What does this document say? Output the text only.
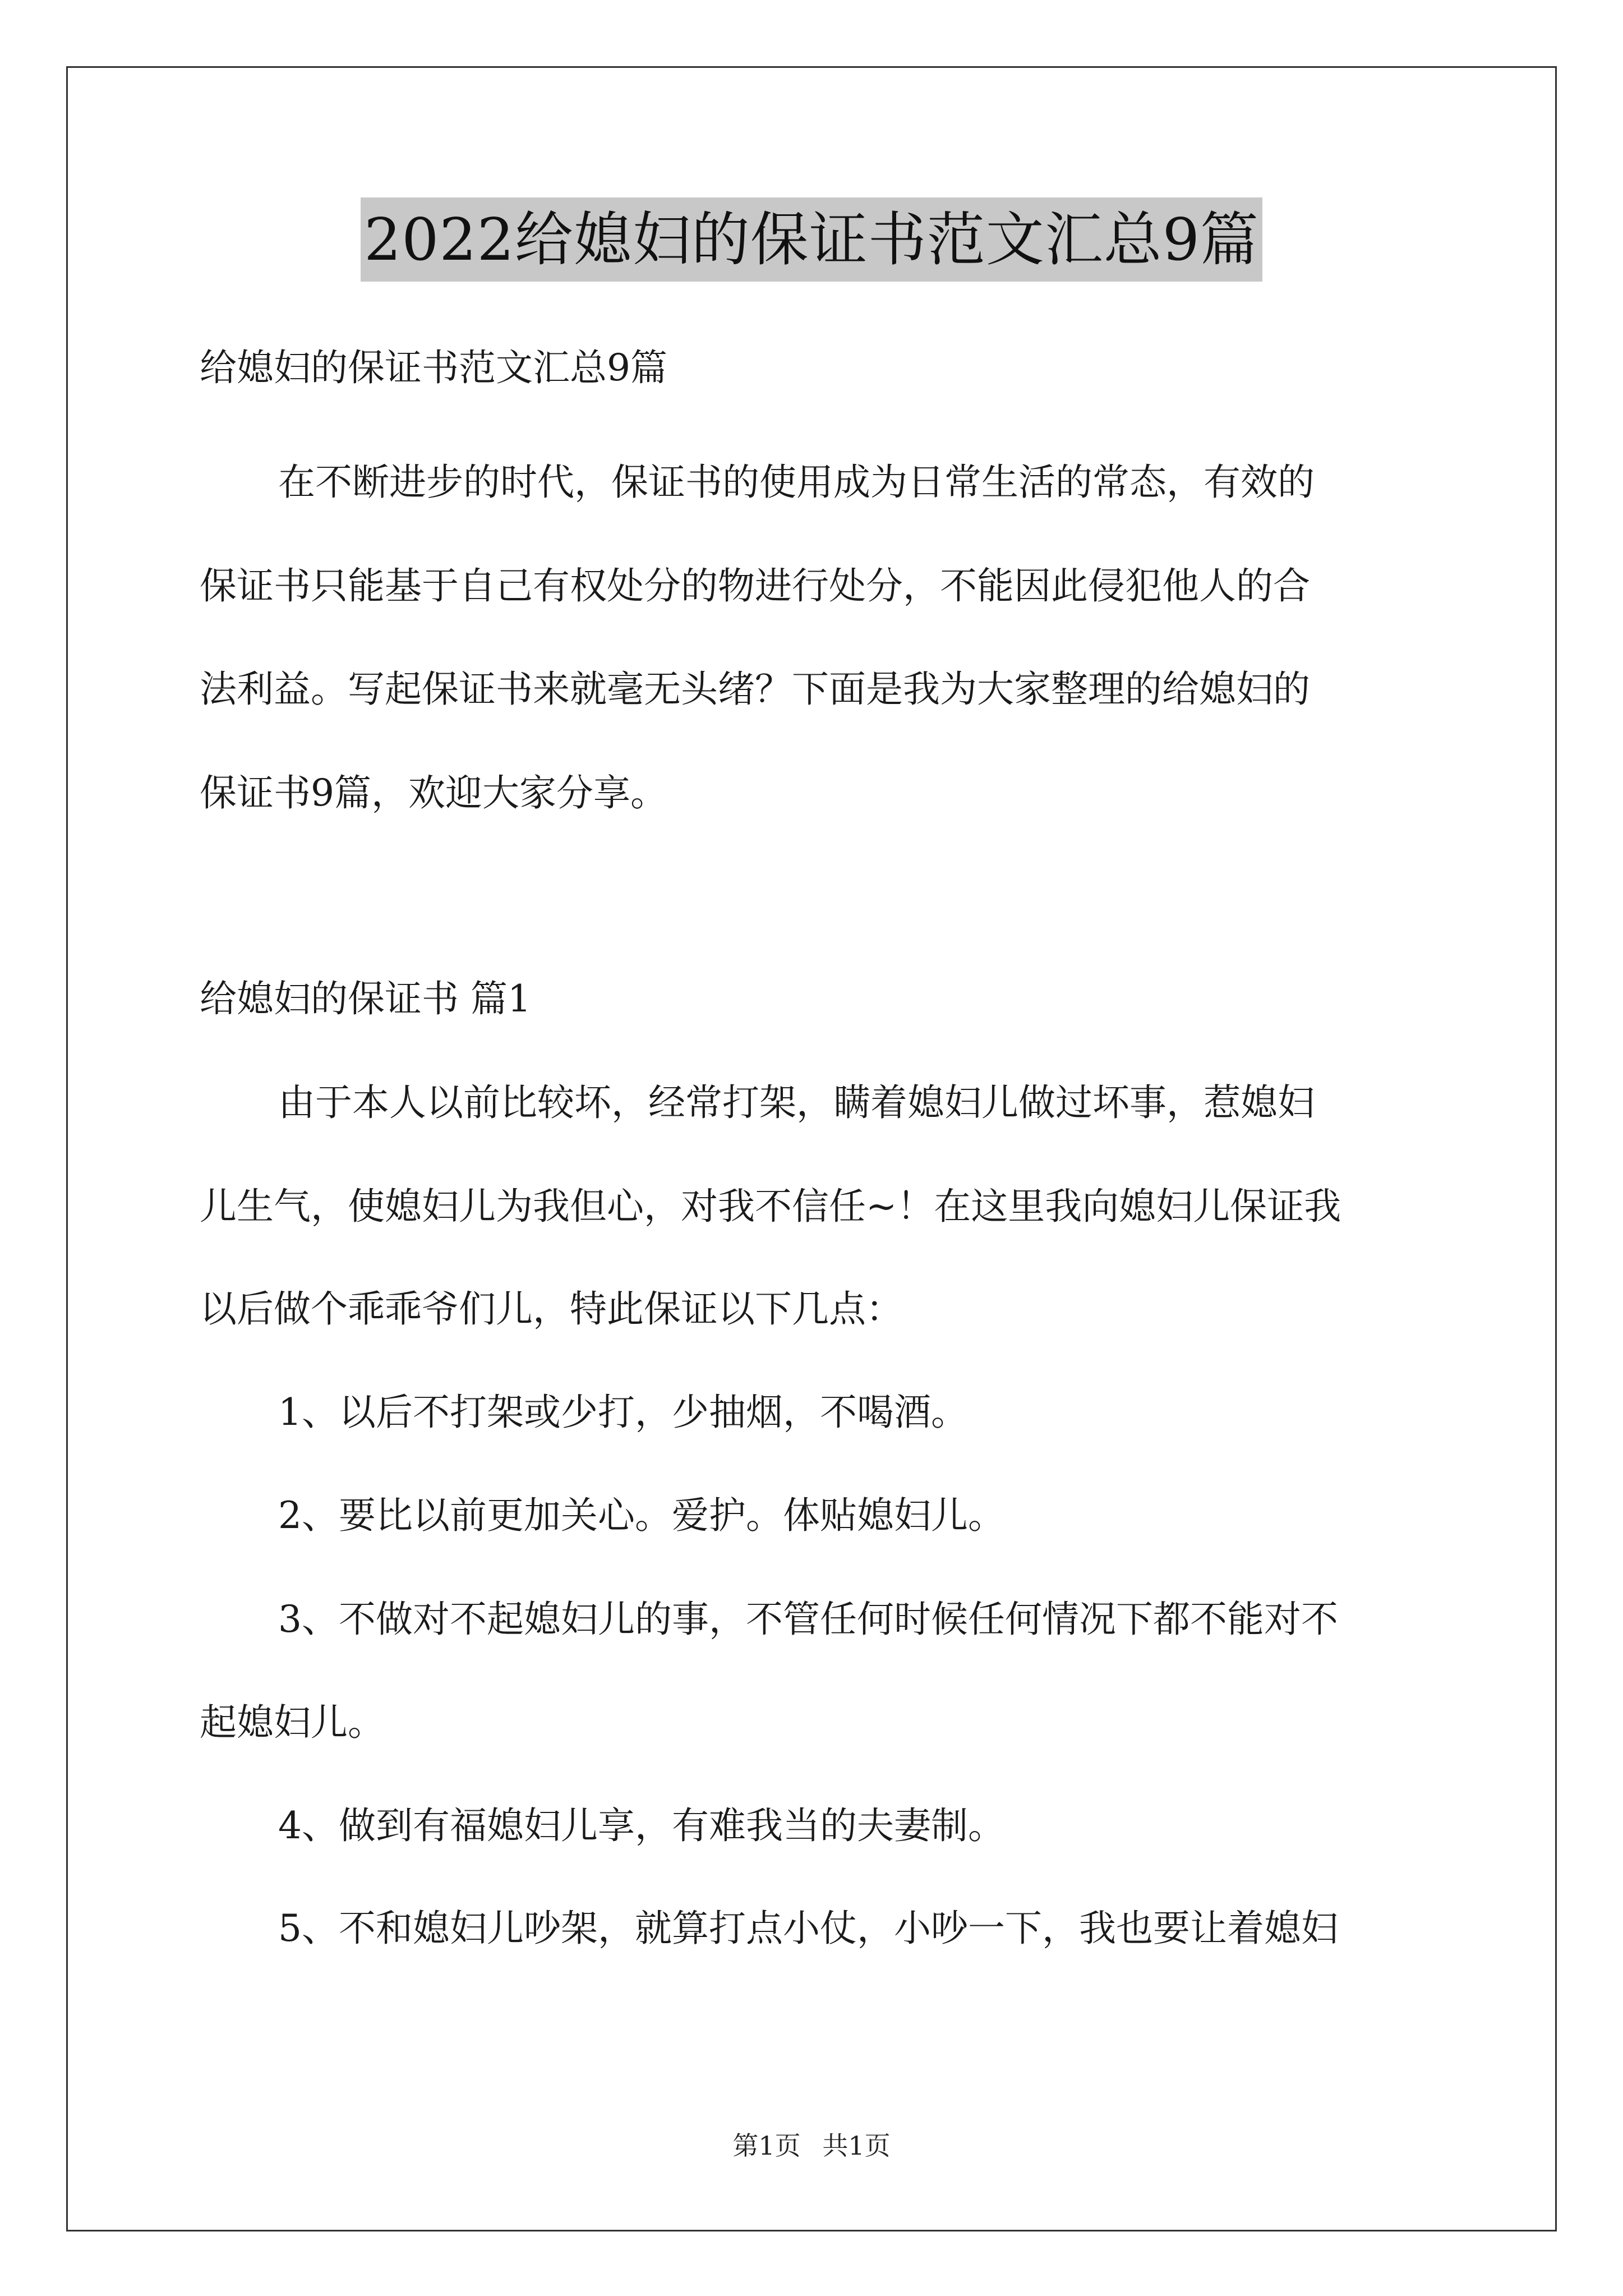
2022给媳妇的保证书范文汇总9篇
给媳妇的保证书范文汇总9篇
在不断进步的时代，保证书的使用成为日常生活的常态，有效的
保证书只能基于自己有权处分的物进行处分，不能因此侵犯他人的合
法利益。写起保证书来就毫无头绪？下面是我为大家整理的给媳妇的
保证书9篇，欢迎大家分享。
给媳妇的保证书 篇1
由于本人以前比较坏，经常打架，瞒着媳妇儿做过坏事，惹媳妇
儿生气，使媳妇儿为我但心，对我不信任~！在这里我向媳妇儿保证我
以后做个乖乖爷们儿，特此保证以下几点：
1、以后不打架或少打，少抽烟，不喝酒。
2、要比以前更加关心。爱护。体贴媳妇儿。
3、不做对不起媳妇儿的事，不管任何时候任何情况下都不能对不
起媳妇儿。
4、做到有福媳妇儿享，有难我当的夫妻制。
5、不和媳妇儿吵架，就算打点小仗，小吵一下，我也要让着媳妇
第1页 共1页
